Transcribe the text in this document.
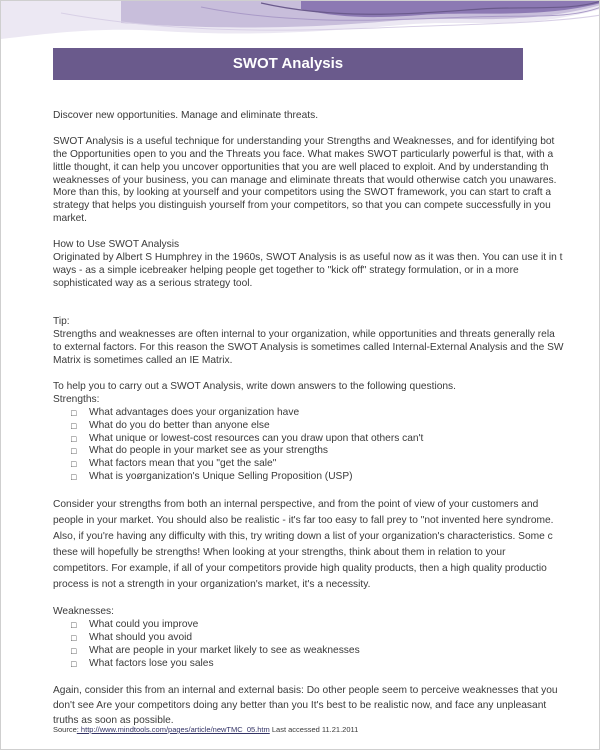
SWOT Analysis

Discover new opportunities. Manage and eliminate threats.

SWOT Analysis is a useful technique for understanding your Strengths and Weaknesses, and for identifying bot

the Opportunities open to you and the Threats you face. What makes SWOT particularly powerful is that, with a

little thought, it can help you uncover opportunities that you are well placed to exploit. And by understanding th

weaknesses of your business, you can manage and eliminate threats that would otherwise catch you unawares.

More than this, by looking at yourself and your competitors using the SWOT framework, you can start to craft a

strategy that helps you distinguish yourself from your competitors, so that you can compete successfully in you

market.

How to Use SWOT Analysis

Originated by Albert S Humphrey in the 1960s, SWOT Analysis is as useful now as it was then. You can use it in t

ways - as a simple icebreaker helping people get together to "kick off" strategy formulation, or in a more

sophisticated way as a serious strategy tool.

Tip:

Strengths and weaknesses are often internal to your organization, while opportunities and threats generally rela

to external factors. For this reason the SWOT Analysis is sometimes called Internal-External Analysis and the SW

Matrix is sometimes called an IE Matrix.

To help you to carry out a SWOT Analysis, write down answers to the following questions.

Strengths:

□ What advantages does your organization have
□ What do you do better than anyone else
□ What unique or lowest-cost resources can you draw upon that others can't
□ What do people in your market see as your strengths
□ What factors mean that you "get the sale"
□ What is yoørganization's Unique Selling Proposition (USP)

Consider your strengths from both an internal perspective, and from the point of view of your customers and

people in your market. You should also be realistic - it's far too easy to fall prey to "not invented here syndrome.

Also, if you're having any difficulty with this, try writing down a list of your organization's characteristics. Some c

these will hopefully be strengths! When looking at your strengths, think about them in relation to your

competitors. For example, if all of your competitors provide high quality products, then a high quality productio

process is not a strength in your organization's market, it's a necessity.

Weaknesses:

□ What could you improve
□ What should you avoid
□ What are people in your market likely to see as weaknesses
□ What factors lose you sales

Again, consider this from an internal and external basis: Do other people seem to perceive weaknesses that you

don't see Are your competitors doing any better than you It's best to be realistic now, and face any unpleasant

truths as soon as possible.

Source: http://www.mindtools.com/pages/article/newTMC_05.htm Last accessed 11.21.2011
